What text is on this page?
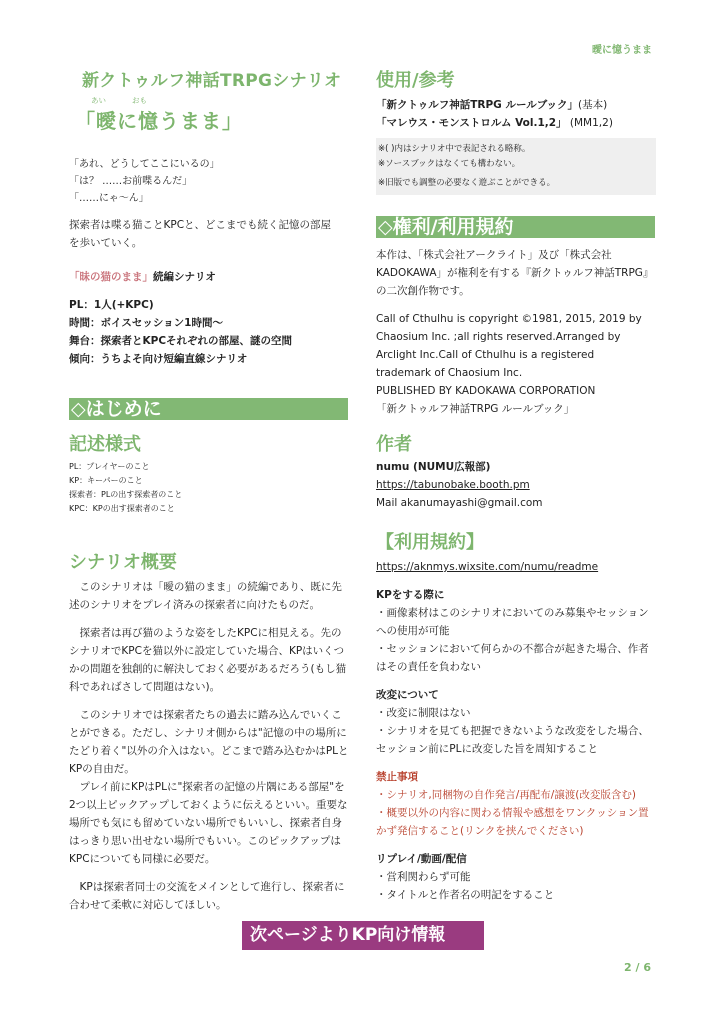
曖に憶うまま
新クトゥルフ神話TRPGシナリオ
あい	おも
「曖に憶うまま」
「あれ、どうしてここにいるの」
「は？ ……お前喋るんだ」
「……にゃ〜ん」
探索者は喋る猫ことKPCと、どこまでも続く記憶の部屋
を歩いていく。
「昧の猫のまま」続編シナリオ
PL：1人(+KPC)
時間：ボイスセッション1時間〜
舞台：探索者とKPCそれぞれの部屋、謎の空間
傾向：うちよそ向け短編直線シナリオ
◇はじめに
記述様式
PL：プレイヤーのこと
KP：キーパーのこと
探索者：PLの出す探索者のこと
KPC：KPの出す探索者のこと
シナリオ概要

このシナリオは「曖の猫のまま」の続編であり、既に先述のシナリオをプレイ済みの探索者に向けたものだ。

探索者は再び猫のような姿をしたKPCに相見える。先のシナリオでKPCを猫以外に設定していた場合、KPはいくつかの問題を独創的に解決しておく必要があるだろう(もし猫科であればさして問題はない)。

このシナリオでは探索者たちの過去に踏み込んでいくことができる。ただし、シナリオ側からは"記憶の中の場所にたどり着く"以外の介入はない。どこまで踏み込むかはPLとKPの自由だ。

プレイ前にKPはPLに"探索者の記憶の片隅にある部屋"を2つ以上ピックアップしておくように伝えるといい。重要な場所でも気にも留めていない場所でもいいし、探索者自身はっきり思い出せない場所でもいい。このピックアップはKPCについても同様に必要だ。

KPは探索者同士の交流をメインとして進行し、探索者に合わせて柔軟に対応してほしい。

使用/参考
「新クトゥルフ神話TRPG ルールブック」(基本)
「マレウス・モンストロルム Vol.1,2」 (MM1,2)
※( )内はシナリオ中で表記される略称。
※ソースブックはなくても構わない。
※旧版でも調整の必要なく遊ぶことができる。
◇権利/利用規約

本作は、「株式会社アークライト」及び「株式会社KADOKAWA」が権利を有する『新クトゥルフ神話TRPG』の二次創作物です。

Call of Cthulhu is copyright ©1981, 2015, 2019 by
Chaosium Inc. ;all rights reserved.Arranged by
Arclight Inc.Call of Cthulhu is a registered
trademark of Chaosium Inc.
PUBLISHED BY KADOKAWA CORPORATION
「新クトゥルフ神話TRPG ルールブック」
作者
numu (NUMU広報部)
https://tabunobake.booth.pm
Mail akanumayashi@gmail.com
【利用規約】
https://aknmys.wixsite.com/numu/readme
KPをする際に

・画像素材はこのシナリオにおいてのみ募集やセッションへの使用が可能

・セッションにおいて何らかの不都合が起きた場合、作者はその責任を負わない

改変について

・改変に制限はない

・シナリオを見ても把握できないような改変をした場合、セッション前にPLに改変した旨を周知すること

禁止事項

・シナリオ,同梱物の自作発言/再配布/譲渡(改変版含む)

・概要以外の内容に関わる情報や感想をワンクッション置かず発信すること(リンクを挟んでください)

リプレイ/動画/配信

・営利関わらず可能

・タイトルと作者名の明記をすること

次ページよりKP向け情報
2 / 6
